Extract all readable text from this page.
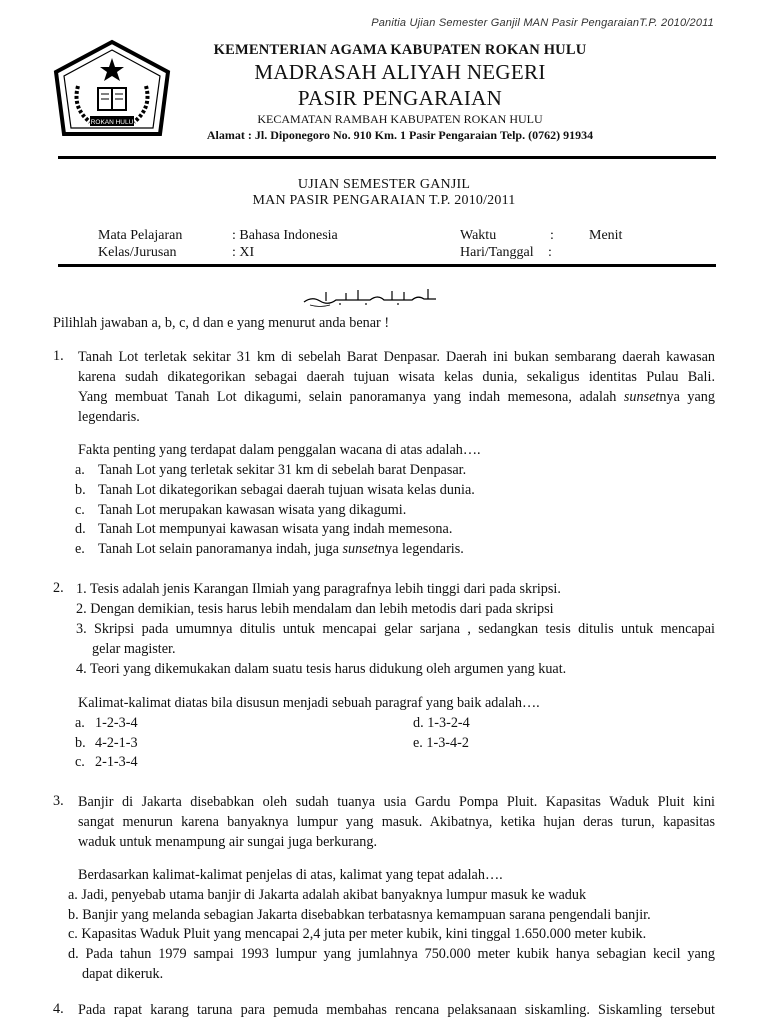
Panitia Ujian Semester Ganjil MAN Pasir PengaraianT.P. 2010/2011
ROKAN HULU
KEMENTERIAN AGAMA KABUPATEN ROKAN HULU
MADRASAH ALIYAH NEGERI
PASIR PENGARAIAN
KECAMATAN RAMBAH KABUPATEN ROKAN HULU
Alamat : Jl. Diponegoro No. 910 Km. 1 Pasir Pengaraian Telp. (0762) 91934
UJIAN SEMESTER GANJIL
MAN PASIR PENGARAIAN T.P. 2010/2011
Mata Pelajaran	: Bahasa Indonesia	Waktu	:	Menit
Kelas/Jurusan	: XI	Hari/Tanggal :
Pilihlah jawaban a, b, c, d dan e yang menurut anda benar !
1. Tanah Lot terletak sekitar 31 km di sebelah Barat Denpasar. Daerah ini bukan sembarang daerah kawasan
karena sudah dikategorikan sebagai daerah tujuan wisata kelas dunia, sekaligus identitas Pulau Bali.
Yang membuat Tanah Lot dikagumi, selain panoramanya yang indah memesona, adalah sunsetnya yang
legendaris.
Fakta penting yang terdapat dalam penggalan wacana di atas adalah….
a. Tanah Lot yang terletak sekitar 31 km di sebelah barat Denpasar.
b. Tanah Lot dikategorikan sebagai daerah tujuan wisata kelas dunia.
c. Tanah Lot merupakan kawasan wisata yang dikagumi.
d. Tanah Lot mempunyai kawasan wisata yang indah memesona.
e. Tanah Lot selain panoramanya indah, juga sunsetnya legendaris.
2. 1. Tesis adalah jenis Karangan Ilmiah yang paragrafnya lebih tinggi dari pada skripsi.
2. Dengan demikian, tesis harus lebih mendalam dan lebih metodis dari pada skripsi
3. Skripsi pada umumnya ditulis untuk mencapai gelar sarjana , sedangkan tesis ditulis untuk mencapai
gelar magister.
4. Teori yang dikemukakan dalam suatu tesis harus didukung oleh argumen yang kuat.
Kalimat-kalimat diatas bila disusun menjadi sebuah paragraf yang baik adalah….
a. 1-2-3-4
b. 4-2-1-3
c. 2-1-3-4
d. 1-3-2-4
e. 1-3-4-2
3. Banjir di Jakarta disebabkan oleh sudah tuanya usia Gardu Pompa Pluit. Kapasitas Waduk Pluit kini
sangat menurun karena banyaknya lumpur yang masuk. Akibatnya, ketika hujan deras turun, kapasitas
waduk untuk menampung air sungai juga berkurang.
Berdasarkan kalimat-kalimat penjelas di atas, kalimat yang tepat adalah….
a. Jadi, penyebab utama banjir di Jakarta adalah akibat banyaknya lumpur masuk ke waduk
b. Banjir yang melanda sebagian Jakarta disebabkan terbatasnya kemampuan sarana pengendali banjir.
c. Kapasitas Waduk Pluit yang mencapai 2,4 juta per meter kubik, kini tinggal 1.650.000 meter kubik.
d. Pada tahun 1979 sampai 1993 lumpur yang jumlahnya 750.000 meter kubik hanya sebagian kecil yang
dapat dikeruk.
4. Pada rapat karang taruna para pemuda membahas rencana pelaksanaan siskamling. Siskamling tersebut
